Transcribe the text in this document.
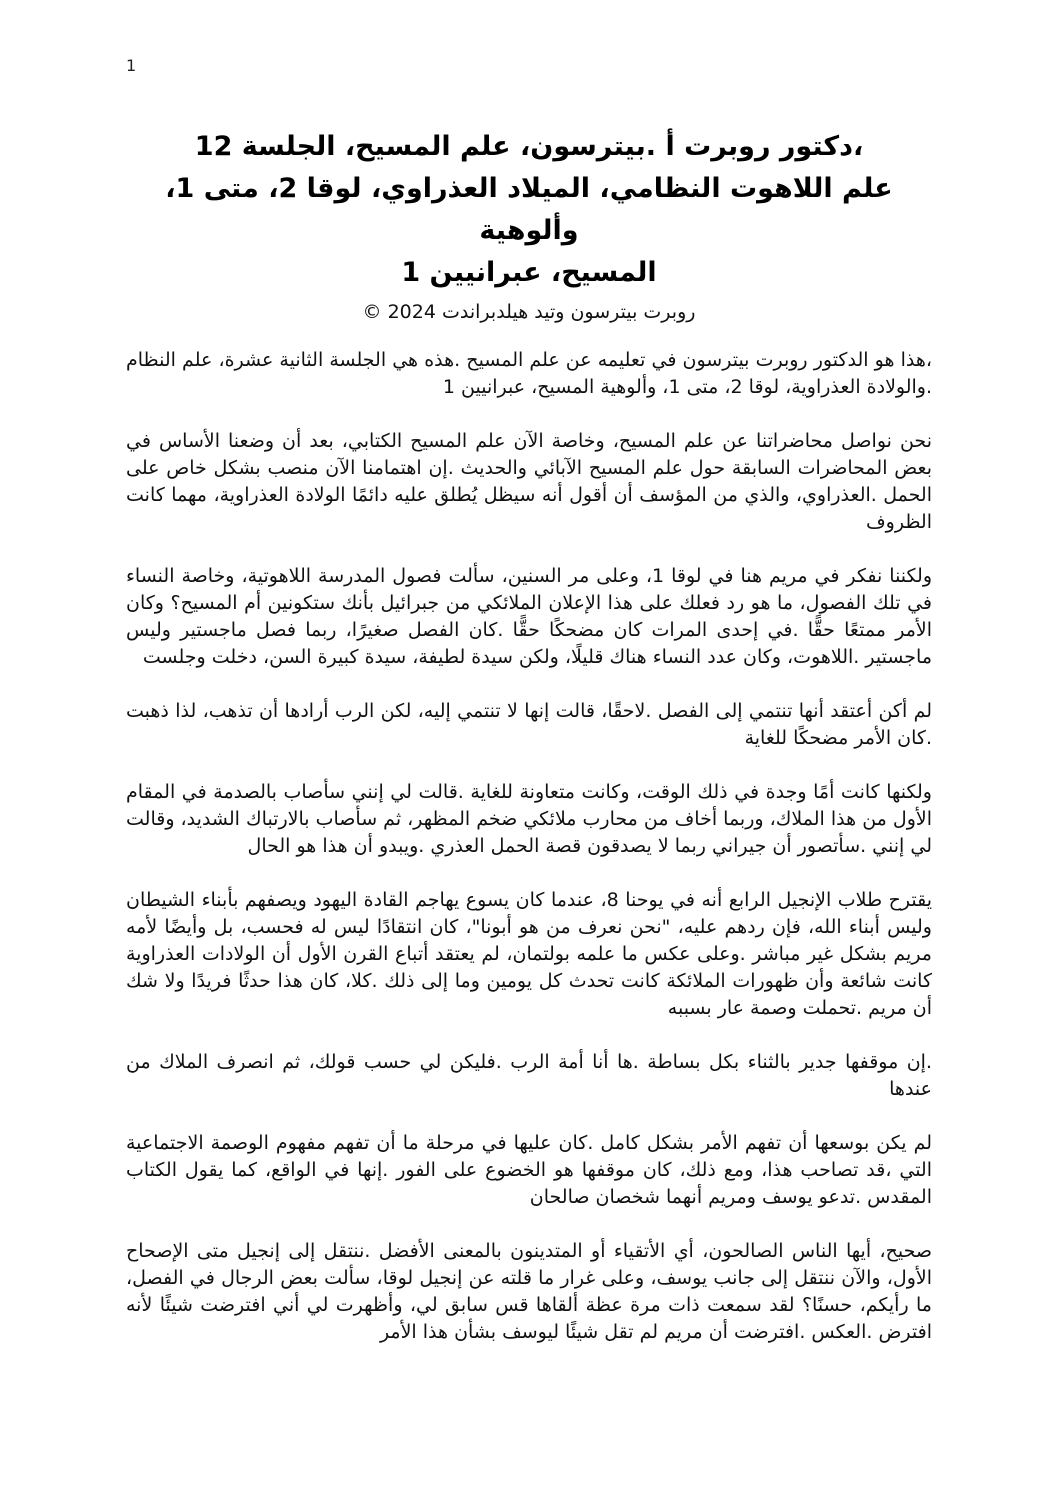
1
،دكتور روبرت أ .بيترسون، علم المسيح، الجلسة 12
علم اللاهوت النظامي، الميلاد العذراوي، لوقا 2، متى 1، وألوهية
المسيح، عبرانيين 1
روبرت بيترسون وتيد هيلدبراندت 2024 ©

،هذا هو الدكتور روبرت بيترسون في تعليمه عن علم المسيح .هذه هي الجلسة الثانية عشرة، علم النظام .والولادة العذراوية، لوقا 2، متى 1، وألوهية المسيح، عبرانيين 1

نحن نواصل محاضراتنا عن علم المسيح، وخاصة الآن علم المسيح الكتابي، بعد أن وضعنا الأساس في بعض المحاضرات السابقة حول علم المسيح الآبائي والحديث .إن اهتمامنا الآن منصب بشكل خاص على الحمل .العذراوي، والذي من المؤسف أن أقول أنه سيظل يُطلق عليه دائمًا الولادة العذراوية، مهما كانت الظروف

ولكننا نفكر في مريم هنا في لوقا 1، وعلى مر السنين، سألت فصول المدرسة اللاهوتية، وخاصة النساء في تلك الفصول، ما هو رد فعلك على هذا الإعلان الملائكي من جبرائيل بأنك ستكونين أم المسيح؟ وكان الأمر ممتعًا حقًّا .في إحدى المرات كان مضحكًا حقًّا .كان الفصل صغيرًا، ربما فصل ماجستير وليس ماجستير .اللاهوت، وكان عدد النساء هناك قليلًا، ولكن سيدة لطيفة، سيدة كبيرة السن، دخلت وجلست

لم أكن أعتقد أنها تنتمي إلى الفصل .لاحقًا، قالت إنها لا تنتمي إليه، لكن الرب أرادها أن تذهب، لذا ذهبت .كان الأمر مضحكًا للغاية

ولكنها كانت أمًا وجدة في ذلك الوقت، وكانت متعاونة للغاية .قالت لي إنني سأصاب بالصدمة في المقام الأول من هذا الملاك، وربما أخاف من محارب ملائكي ضخم المظهر، ثم سأصاب بالارتباك الشديد، وقالت لي إنني .سأتصور أن جيراني ربما لا يصدقون قصة الحمل العذري .ويبدو أن هذا هو الحال

يقترح طلاب الإنجيل الرابع أنه في يوحنا 8، عندما كان يسوع يهاجم القادة اليهود ويصفهم بأبناء الشيطان وليس أبناء الله، فإن ردهم عليه، "نحن نعرف من هو أبونا"، كان انتقادًا ليس له فحسب، بل وأيضًا لأمه مريم بشكل غير مباشر .وعلى عكس ما علمه بولتمان، لم يعتقد أتباع القرن الأول أن الولادات العذراوية كانت شائعة وأن ظهورات الملائكة كانت تحدث كل يومين وما إلى ذلك .كلا، كان هذا حدثًا فريدًا ولا شك أن مريم .تحملت وصمة عار بسببه

.إن موقفها جدير بالثناء بكل بساطة .ها أنا أمة الرب .فليكن لي حسب قولك، ثم انصرف الملاك من عندها

لم يكن بوسعها أن تفهم الأمر بشكل كامل .كان عليها في مرحلة ما أن تفهم مفهوم الوصمة الاجتماعية التي ،قد تصاحب هذا، ومع ذلك، كان موقفها هو الخضوع على الفور .إنها في الواقع، كما يقول الكتاب المقدس .تدعو يوسف ومريم أنهما شخصان صالحان

صحيح، أيها الناس الصالحون، أي الأتقياء أو المتدينون بالمعنى الأفضل .ننتقل إلى إنجيل متى الإصحاح الأول، والآن ننتقل إلى جانب يوسف، وعلى غرار ما قلته عن إنجيل لوقا، سألت بعض الرجال في الفصل، ما رأيكم، حسنًا؟ لقد سمعت ذات مرة عظة ألقاها قس سابق لي، وأظهرت لي أني افترضت شيئًا لأنه افترض .العكس .افترضت أن مريم لم تقل شيئًا ليوسف بشأن هذا الأمر
